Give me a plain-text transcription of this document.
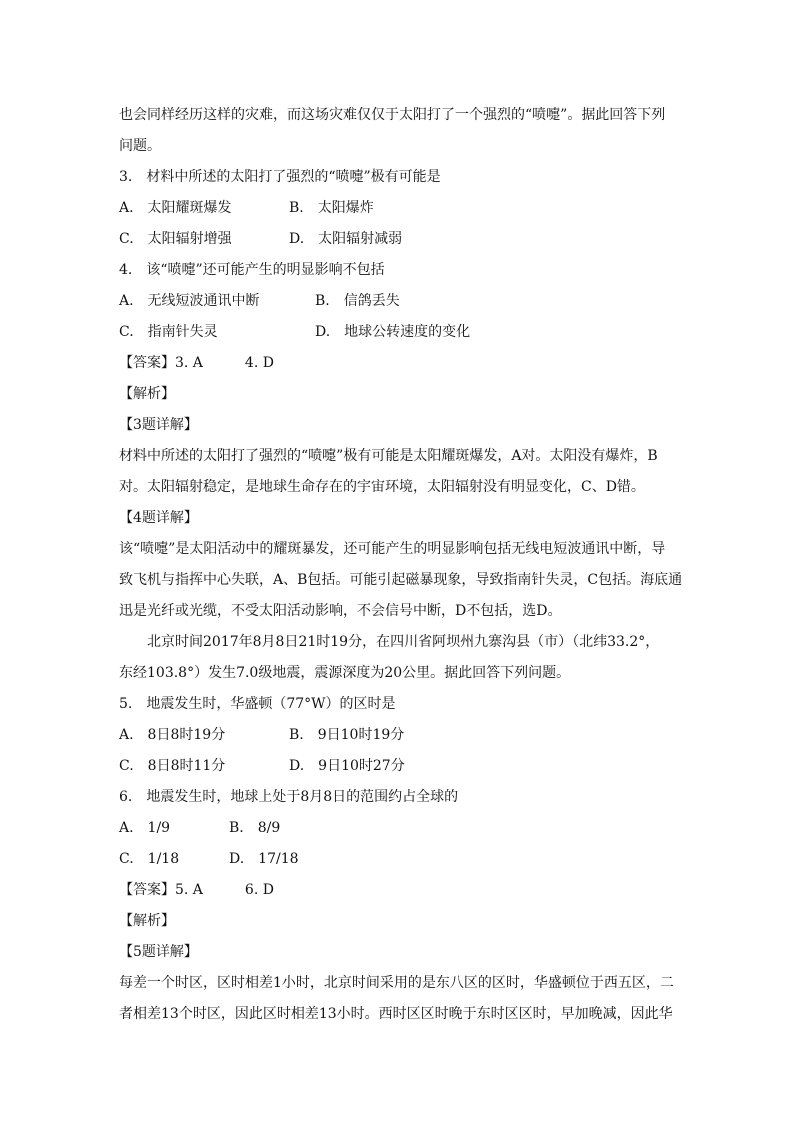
也会同样经历这样的灾难，而这场灾难仅仅于太阳打了一个强烈的“喷嚏”。据此回答下列
问题。
3.　材料中所述的太阳打了强烈的“喷嚏”极有可能是
A.　太阳耀斑爆发	B.　太阳爆炸
C.　太阳辐射增强	D.　太阳辐射减弱
4.　该“喷嚏”还可能产生的明显影响不包括
A.　无线短波通讯中断	B.　信鸽丢失
C.　指南针失灵	D.　地球公转速度的变化
【答案】3. A　　　4. D
【解析】
【3题详解】
材料中所述的太阳打了强烈的“喷嚏”极有可能是太阳耀斑爆发，A对。太阳没有爆炸，B
对。太阳辐射稳定，是地球生命存在的宇宙环境，太阳辐射没有明显变化，C、D错。
【4题详解】
该“喷嚏”是太阳活动中的耀斑暴发，还可能产生的明显影响包括无线电短波通讯中断，导
致飞机与指挥中心失联，A、B包括。可能引起磁暴现象，导致指南针失灵，C包括。海底通
迅是光纤或光缆，不受太阳活动影响，不会信号中断，D不包括，选D。
北京时间2017年8月8日21时19分，在四川省阿坝州九寨沟县（市）（北纬33.2°，
东经103.8°）发生7.0级地震，震源深度为20公里。据此回答下列问题。
5.　地震发生时，华盛顿（77°W）的区时是
A.　8日8时19分	B.　9日10时19分
C.　8日8时11分	D.　9日10时27分
6.　地震发生时，地球上处于8月8日的范围约占全球的
A.　1/9	B.　8/9
C.　1/18	D.　17/18
【答案】5. A　　　6. D
【解析】
【5题详解】
每差一个时区，区时相差1小时，北京时间采用的是东八区的区时，华盛顿位于西五区，二
者相差13个时区，因此区时相差13小时。西时区区时晚于东时区区时，早加晚减，因此华
